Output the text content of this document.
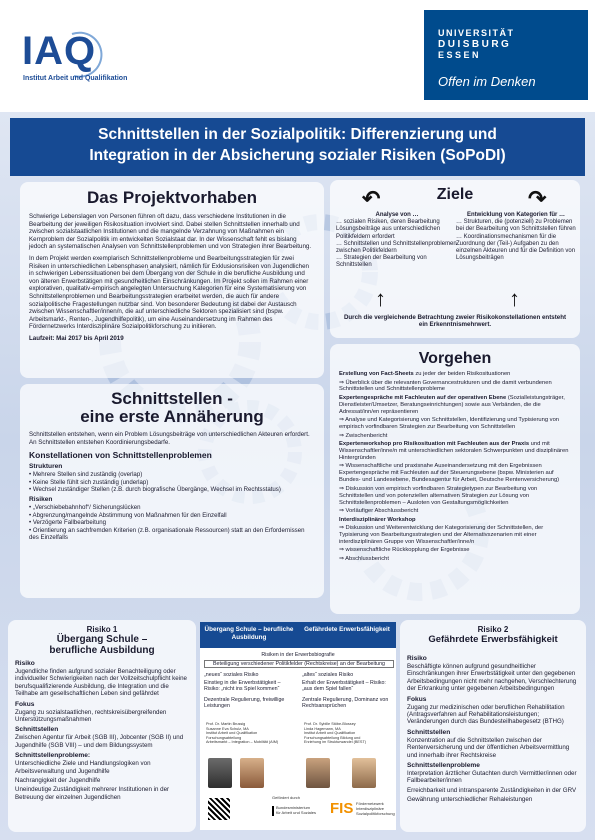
IAQ
Institut Arbeit und Qualifikation
UNIVERSITÄT
DUISBURG
ESSEN
Offen im Denken
Schnittstellen in der Sozialpolitik: Differenzierung und
Integration in der Absicherung sozialer Risiken (SoPoDI)
Das Projektvorhaben

Schwierige Lebenslagen von Personen führen oft dazu, dass verschiedene Institutionen in die Bearbeitung der jeweiligen Risikosituation involviert sind. Dabei stellen Schnittstellen innerhalb und zwischen sozialstaatlichen Institutionen und die mangelnde Verzahnung von Maßnahmen ein Kernproblem der Sozialpolitik im entwickelten Sozialstaat dar. In der Wissenschaft fehlt es bislang jedoch an systematischen Analysen von Schnittstellenproblemen und von Strategien ihrer Bearbeitung.

In dem Projekt werden exemplarisch Schnittstellenprobleme und Bearbeitungsstrategien für zwei Risiken in unterschiedlichen Lebensphasen analysiert, nämlich für Exklusionsrisiken von Jugendlichen in schwierigen Lebenssituationen bei dem Übergang von der Schule in die berufliche Ausbildung und von älteren Erwerbstätigen mit gesundheitlichen Einschränkungen. Im Projekt sollen im Rahmen einer explorativen, qualitativ-empirisch angelegten Untersuchung Kategorien für eine Systematisierung von Schnittstellenproblemen und Bearbeitungsstrategien erarbeitet werden, die auch für andere sozialpolitische Fragestellungen nutzbar sind. Von besonderer Bedeutung ist dabei der Austausch zwischen Wissenschaftler/innen/n, die auf unterschiedliche Sektoren spezialisiert sind (bspw. Arbeitsmarkt-, Renten-, Jugendhilfepolitik), um eine Auseinandersetzung im Rahmen des Fördernetzwerks Interdisziplinäre Sozialpolitikforschung zu initiieren.

Laufzeit: Mai 2017 bis April 2019

Ziele
↶	↷
Analyse von …
… sozialen Risiken, deren Bearbeitung Lösungsbeiträge aus unterschiedlichen Politikfeldern erfordert
… Schnittstellen und Schnittstellenproblemen zwischen Politikfeldern
… Strategien der Bearbeitung von Schnittstellen
Entwicklung von Kategorien für …
… Strukturen, die (potenziell) zu Problemen bei der Bearbeitung von Schnittstellen führen
… Koordinationsmechanismen für die Zuordnung der (Teil-) Aufgaben zu den einzelnen Akteuren und für die Definition von Lösungsbeiträgen
↑	↑
Durch die vergleichende Betrachtung zweier Risikokonstellationen entsteht ein Erkenntnismehrwert.
Vorgehen
Erstellung von Fact-Sheets zu jeder der beiden Risikosituationen
⇒ Überblick über die relevanten Governancestrukturen und die damit verbundenen Schnittstellen und Schnittstellenprobleme
Expertengespräche mit Fachleuten auf der operativen Ebene (Sozialleistungsträger, Dienstleister/Umsetzer, Beratungseinrichtungen) sowie aus Verbänden, die die Adressat/inn/en repräsentieren
⇒ Analyse und Kategorisierung von Schnittstellen, Identifizierung und Typisierung von empirisch vorfindbaren Strategien zur Bearbeitung von Schnittstellen
⇒ Zwischenbericht
Expertenworkshop pro Risikosituation mit Fachleuten aus der Praxis und mit Wissenschaftler/inne/n mit unterschiedlichen sektoralen Schwerpunkten und disziplinären Hintergründen
⇒ Wissenschaftliche und praxisnahe Auseinandersetzung mit den Ergebnissen Expertengespräche mit Fachleuten auf der Steuerungsebene (bspw. Ministerien auf Bundes- und Landesebene, Bundesagentur für Arbeit, Deutsche Rentenversicherung)
⇒ Diskussion von empirisch vorfindbaren Strategietypen zur Bearbeitung von Schnittstellen und von potenziellen alternativen Strategien zur Lösung von Schnittstellenproblemen – Ausloten von Gestaltungsmöglichkeiten
⇒ Vorläufiger Abschlussbericht
Interdisziplinärer Workshop
⇒ Diskussion und Weiterentwicklung der Kategorisierung der Schnittstellen, der Typisierung von Bearbeitungsstrategien und der Alternativszenarien mit einer interdisziplinären Gruppe von Wissenschaftler/inne/n
⇒ wissenschaftliche Rückkopplung der Ergebnisse
⇒ Abschlussbericht
Schnittstellen -
eine erste Annäherung

Schnittstellen entstehen, wenn ein Problem Lösungsbeiträge von unterschiedlichen Akteuren erfordert. An Schnittstellen entstehen Koordinierungsbedarfe.

Konstellationen von Schnittstellenproblemen
Strukturen
• Mehrere Stellen sind zuständig (overlap)
• Keine Stelle fühlt sich zuständig (underlap)
• Wechsel zuständiger Stellen (z.B. durch biografische Übergänge, Wechsel im Rechtsstatus)
Risiken
• „Verschiebebahnhof“/ Sicherungslücken
• Abgrenzung/mangelnde Abstimmung von Maßnahmen für den Einzelfall
• Verzögerte Fallbearbeitung
• Orientierung an sachfremden Kriterien (z.B. organisationale Ressourcen) statt an den Erfordernissen des Einzelfalls
Risiko 1
Übergang Schule –
berufliche Ausbildung
Risiko
Jugendliche finden aufgrund sozialer Benachteiligung oder individueller Schwierigkeiten nach der Vollzeitschulpflicht keine berufsqualifizierende Ausbildung, die Integration und die Teilhabe am gesellschaftlichen Leben sind gefährdet
Fokus
Zugang zu sozialstaatlichen, rechtskreisübergreifenden Unterstützungsmaßnahmen
Schnittstellen
Zwischen Agentur für Arbeit (SGB III), Jobcenter (SGB II) und Jugendhilfe (SGB VIII) – und dem Bildungssystem
Schnittstellenprobleme:
Unterschiedliche Ziele und Handlungslogiken von Arbeitsverwaltung und Jugendhilfe
Nachrangigkeit der Jugendhilfe
Uneindeutige Zuständigkeit mehrerer Institutionen in der Betreuung der einzelnen Jugendlichen
Übergang Schule – berufliche Ausbildung
Gefährdete Erwerbsfähigkeit
Risiken in der Erwerbsbiografie
Beteiligung verschiedener Politikfelder (Rechtskreise) an der Bearbeitung
„neues“ soziales Risiko	„altes“ soziales Risiko
Einstieg in die Erwerbstätigkeit – Risiko: „nicht ins Spiel kommen“
Erhalt der Erwerbstätigkeit – Risiko: „aus dem Spiel fallen“
Dezentrale Regulierung, freiwillige Leistungen
Zentrale Regulierung, Dominanz von Rechtsansprüchen
Prof. Dr. Martin Brussig
Susanne Eva Schulz, MA
Institut Arbeit und Qualifikation
Forschungsabteilung
Arbeitsmarkt – Integration – Mobilität (AIM)
Prof. Dr. Sybille Stöbe-Blossey
Linda Hagemann, MA
Institut Arbeit und Qualifikation
Forschungsabteilung Bildung und
Erziehung im Strukturwandel (BEST)
Gefördert durch
Bundesministerium
für Arbeit und Soziales FIS Fördernetzwerk
Interdisziplinäre
Sozialpolitikforschung
Risiko 2
Gefährdete Erwerbsfähigkeit
Risiko
Beschäftigte können aufgrund gesundheitlicher Einschränkungen ihrer Erwerbstätigkeit unter den gegebenen Arbeitsbedingungen nicht mehr nachgehen, Verschlechterung der Erkrankung unter gegebenen Arbeitsbedingungen
Fokus
Zugang zur medizinischen oder beruflichen Rehabilitation (Antragsverfahren auf Rehabilitationsleistungen; Veränderungen durch das Bundesteilhabegesetz (BTHG)
Schnittstellen
Konzentration auf die Schnittstellen zwischen der Rentenversicherung und der öffentlichen Arbeitsvermittlung und innerhalb ihrer Rechtskreise
Schnittstellenprobleme
Interpretation ärztlicher Gutachten durch Vermittler/innen oder Fallbearbeiter/innen
Erreichbarkeit und intransparente Zuständigkeiten in der GRV
Gewährung unterschiedlicher Rehaleistungen
